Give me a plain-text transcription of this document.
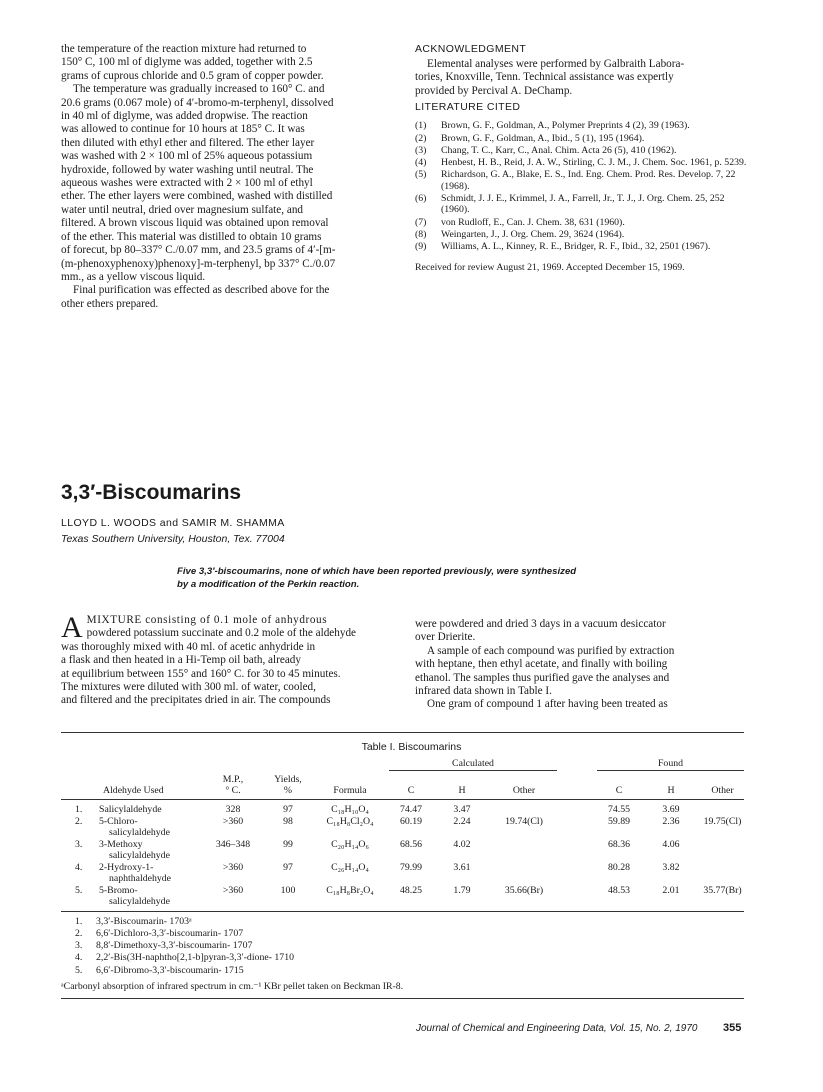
the temperature of the reaction mixture had returned to
150° C, 100 ml of diglyme was added, together with 2.5
grams of cuprous chloride and 0.5 gram of copper powder.
The temperature was gradually increased to 160° C. and
20.6 grams (0.067 mole) of 4′-bromo-m-terphenyl, dissolved
in 40 ml of diglyme, was added dropwise. The reaction
was allowed to continue for 10 hours at 185° C. It was
then diluted with ethyl ether and filtered. The ether layer
was washed with 2 × 100 ml of 25% aqueous potassium
hydroxide, followed by water washing until neutral. The
aqueous washes were extracted with 2 × 100 ml of ethyl
ether. The ether layers were combined, washed with distilled
water until neutral, dried over magnesium sulfate, and
filtered. A brown viscous liquid was obtained upon removal
of the ether. This material was distilled to obtain 10 grams
of forecut, bp 80–337° C./0.07 mm, and 23.5 grams of 4′-[m-
(m-phenoxyphenoxy)phenoxy]-m-terphenyl, bp 337° C./0.07
mm., as a yellow viscous liquid.
Final purification was effected as described above for the
other ethers prepared.
ACKNOWLEDGMENT
Elemental analyses were performed by Galbraith Labora-
tories, Knoxville, Tenn. Technical assistance was expertly
provided by Percival A. DeChamp.
LITERATURE CITED
(1)	Brown, G. F., Goldman, A., Polymer Preprints 4 (2), 39 (1963).
(2)	Brown, G. F., Goldman, A., Ibid., 5 (1), 195 (1964).
(3)	Chang, T. C., Karr, C., Anal. Chim. Acta 26 (5), 410 (1962).
(4)	Henbest, H. B., Reid, J. A. W., Stirling, C. J. M., J. Chem. Soc. 1961, p. 5239.
(5)	Richardson, G. A., Blake, E. S., Ind. Eng. Chem. Prod. Res. Develop. 7, 22 (1968).
(6)	Schmidt, J. J. E., Krimmel, J. A., Farrell, Jr., T. J., J. Org. Chem. 25, 252 (1960).
(7)	von Rudloff, E., Can. J. Chem. 38, 631 (1960).
(8)	Weingarten, J., J. Org. Chem. 29, 3624 (1964).
(9)	Williams, A. L., Kinney, R. E., Bridger, R. F., Ibid., 32, 2501 (1967).
Received for review August 21, 1969. Accepted December 15, 1969.
3,3′-Biscoumarins
LLOYD L. WOODS and SAMIR M. SHAMMA
Texas Southern University, Houston, Tex. 77004
Five 3,3′-biscoumarins, none of which have been reported previously, were synthesized
by a modification of the Perkin reaction.
A MIXTURE consisting of 0.1 mole of anhydrous
powdered potassium succinate and 0.2 mole of the aldehyde
was thoroughly mixed with 40 ml. of acetic anhydride in
a flask and then heated in a Hi-Temp oil bath, already
at equilibrium between 155° and 160° C. for 30 to 45 minutes.
The mixtures were diluted with 300 ml. of water, cooled,
and filtered and the precipitates dried in air. The compounds
were powdered and dried 3 days in a vacuum desiccator
over Drierite.
A sample of each compound was purified by extraction
with heptane, then ethyl acetate, and finally with boiling
ethanol. The samples thus purified gave the analyses and
infrared data shown in Table I.
One gram of compound 1 after having been treated as
Table I. Biscoumarins
					Calculated				Found		
		M.P.,	Yields,								
	Aldehyde Used	° C.	%	Formula	C	H	Other		C	H	Other
1.	Salicylaldehyde	328	97	C₁₈H₁₀O₄	74.47	3.47			74.55	3.69	
2.	5-Chloro-
salicylaldehyde	>360	98	C₁₈H₈Cl₂O₄	60.19	2.24	19.74(Cl)		59.89	2.36	19.75(Cl)
3.	3-Methoxy
salicylaldehyde	346–348	99	C₂₀H₁₄O₆	68.56	4.02			68.36	4.06	
4.	2-Hydroxy-1-
naphthaldehyde	>360	97	C₂₆H₁₄O₄	79.99	3.61			80.28	3.82	
5.	5-Bromo-
salicylaldehyde	>360	100	C₁₈H₈Br₂O₄	48.25	1.79	35.66(Br)		48.53	2.01	35.77(Br)
1.	3,3′-Biscoumarin- 1703ᵃ
2.	6,6′-Dichloro-3,3′-biscoumarin- 1707
3.	8,8′-Dimethoxy-3,3′-biscoumarin- 1707
4.	2,2′-Bis(3H-naphtho[2,1-b]pyran-3,3′-dione- 1710
5.	6,6′-Dibromo-3,3′-biscoumarin- 1715
ᵃCarbonyl absorption of infrared spectrum in cm.⁻¹ KBr pellet taken on Beckman IR-8.
Journal of Chemical and Engineering Data, Vol. 15, No. 2, 1970 355
